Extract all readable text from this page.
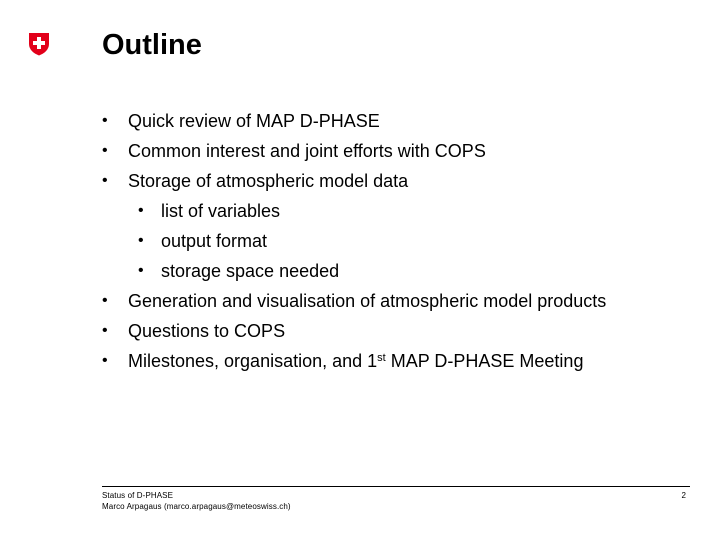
Outline
•	Quick review of MAP D-PHASE
•	Common interest and joint efforts with COPS
•	Storage of atmospheric model data
• list of variables
• output format
• storage space needed
•	Generation and visualisation of atmospheric model products
•	Questions to COPS
•	Milestones, organisation, and 1st MAP D-PHASE Meeting
Status of D-PHASE
Marco Arpagaus (marco.arpagaus@meteoswiss.ch)
2
